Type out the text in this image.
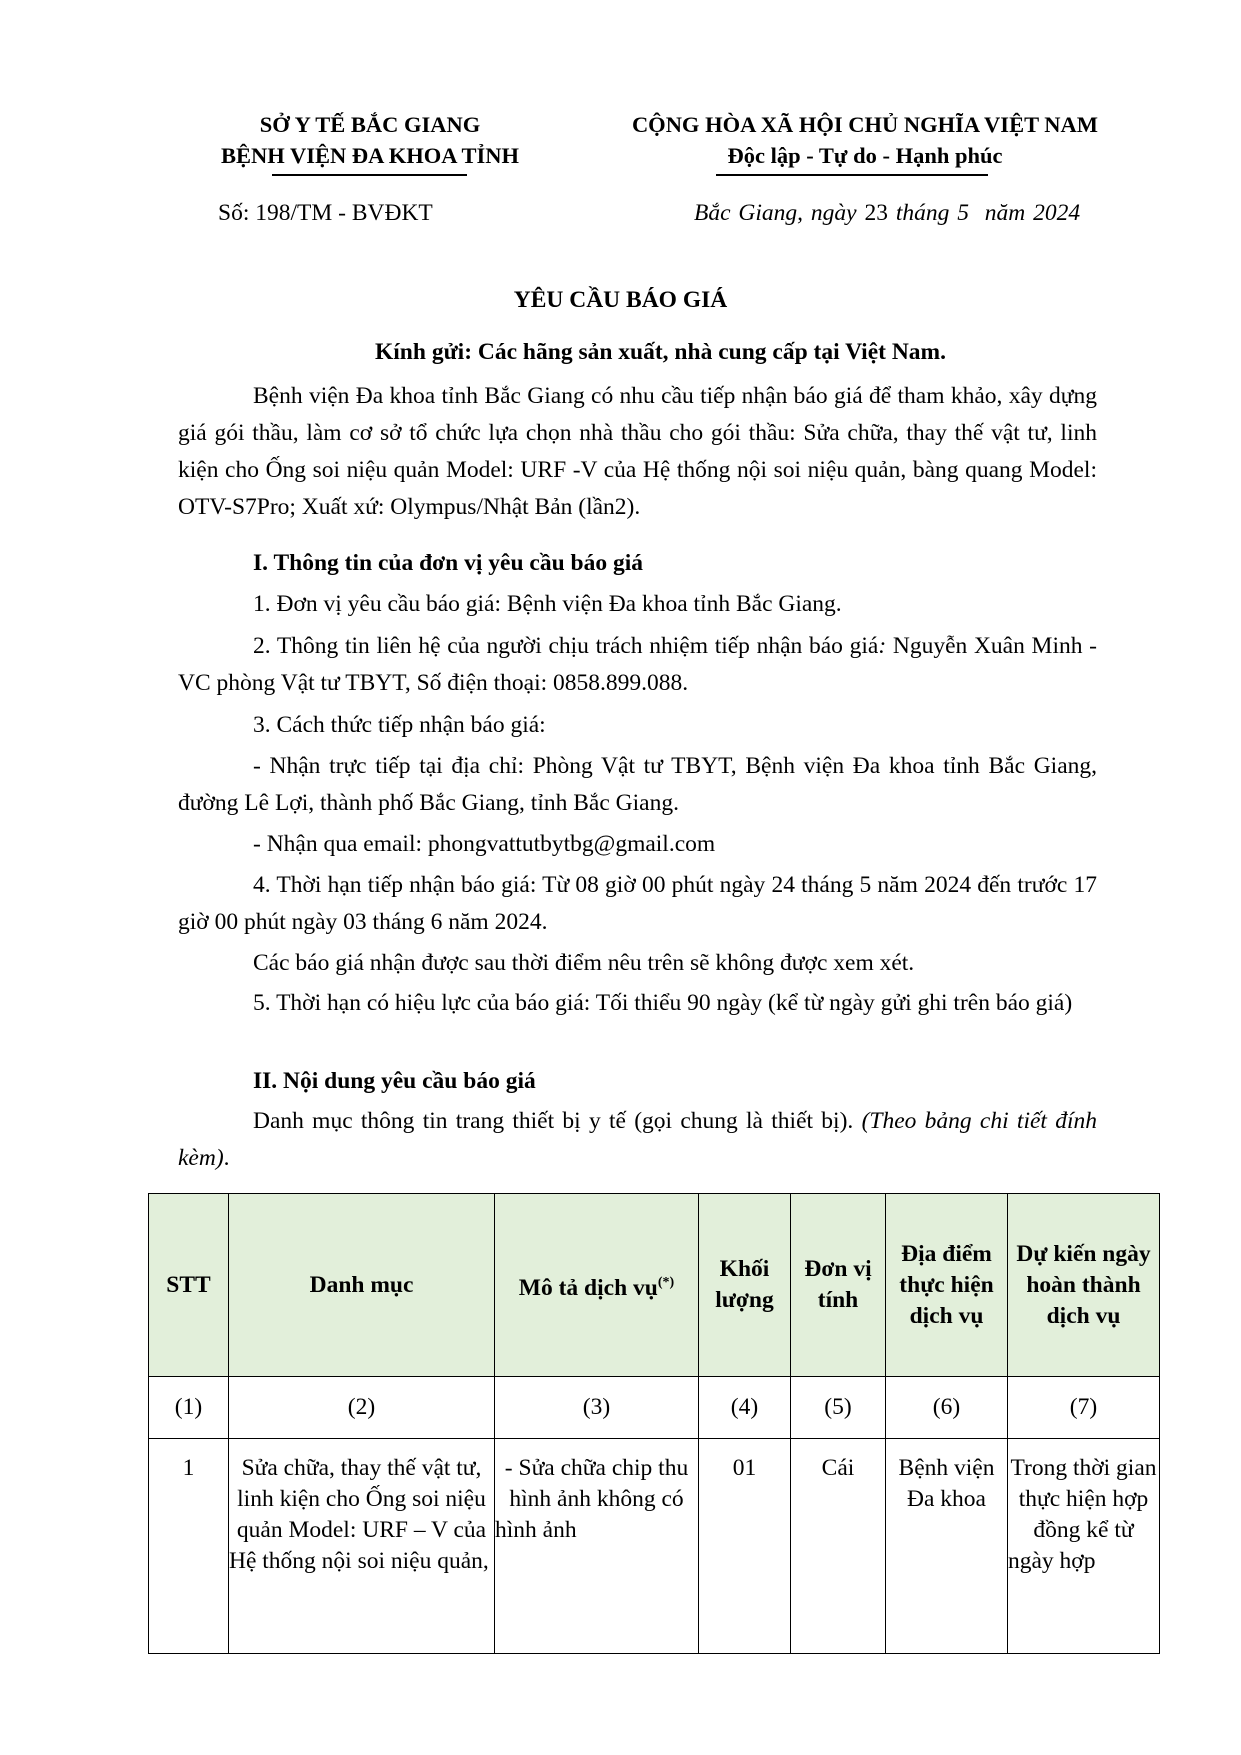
SỞ Y TẾ BẮC GIANG
BỆNH VIỆN ĐA KHOA TỈNH
CỘNG HÒA XÃ HỘI CHỦ NGHĨA VIỆT NAM
Độc lập - Tự do - Hạnh phúc
Số: 198/TM - BVĐKT	Bắc Giang, ngày 23 tháng 5 năm 2024
YÊU CẦU BÁO GIÁ
Kính gửi: Các hãng sản xuất, nhà cung cấp tại Việt Nam.
Bệnh viện Đa khoa tỉnh Bắc Giang có nhu cầu tiếp nhận báo giá để tham khảo, xây dựng giá gói thầu, làm cơ sở tổ chức lựa chọn nhà thầu cho gói thầu: Sửa chữa, thay thế vật tư, linh kiện cho Ống soi niệu quản Model: URF -V của Hệ thống nội soi niệu quản, bàng quang Model: OTV-S7Pro; Xuất xứ: Olympus/Nhật Bản (lần2).
I. Thông tin của đơn vị yêu cầu báo giá
1. Đơn vị yêu cầu báo giá: Bệnh viện Đa khoa tỉnh Bắc Giang.
2. Thông tin liên hệ của người chịu trách nhiệm tiếp nhận báo giá: Nguyễn Xuân Minh - VC phòng Vật tư TBYT, Số điện thoại: 0858.899.088.
3. Cách thức tiếp nhận báo giá:
- Nhận trực tiếp tại địa chỉ: Phòng Vật tư TBYT, Bệnh viện Đa khoa tỉnh Bắc Giang, đường Lê Lợi, thành phố Bắc Giang, tỉnh Bắc Giang.
- Nhận qua email: phongvattutbytbg@gmail.com
4. Thời hạn tiếp nhận báo giá: Từ 08 giờ 00 phút ngày 24 tháng 5 năm 2024 đến trước 17 giờ 00 phút ngày 03 tháng 6 năm 2024.
Các báo giá nhận được sau thời điểm nêu trên sẽ không được xem xét.
5. Thời hạn có hiệu lực của báo giá: Tối thiểu 90 ngày (kể từ ngày gửi ghi trên báo giá)
II. Nội dung yêu cầu báo giá
Danh mục thông tin trang thiết bị y tế (gọi chung là thiết bị). (Theo bảng chi tiết đính kèm).
STT	Danh mục	Mô tả dịch vụ(*)	Khối lượng	Đơn vị tính	Địa điểm thực hiện dịch vụ	Dự kiến ngày hoàn thành dịch vụ
(1)	(2)	(3)	(4)	(5)	(6)	(7)
1	Sửa chữa, thay thế vật tư, linh kiện cho Ống soi niệu quản Model: URF – V của Hệ thống nội soi niệu quản,	- Sửa chữa chip thu hình ảnh không có hình ảnh	01	Cái	Bệnh viện Đa khoa	Trong thời gian thực hiện hợp đồng kể từ ngày hợp
